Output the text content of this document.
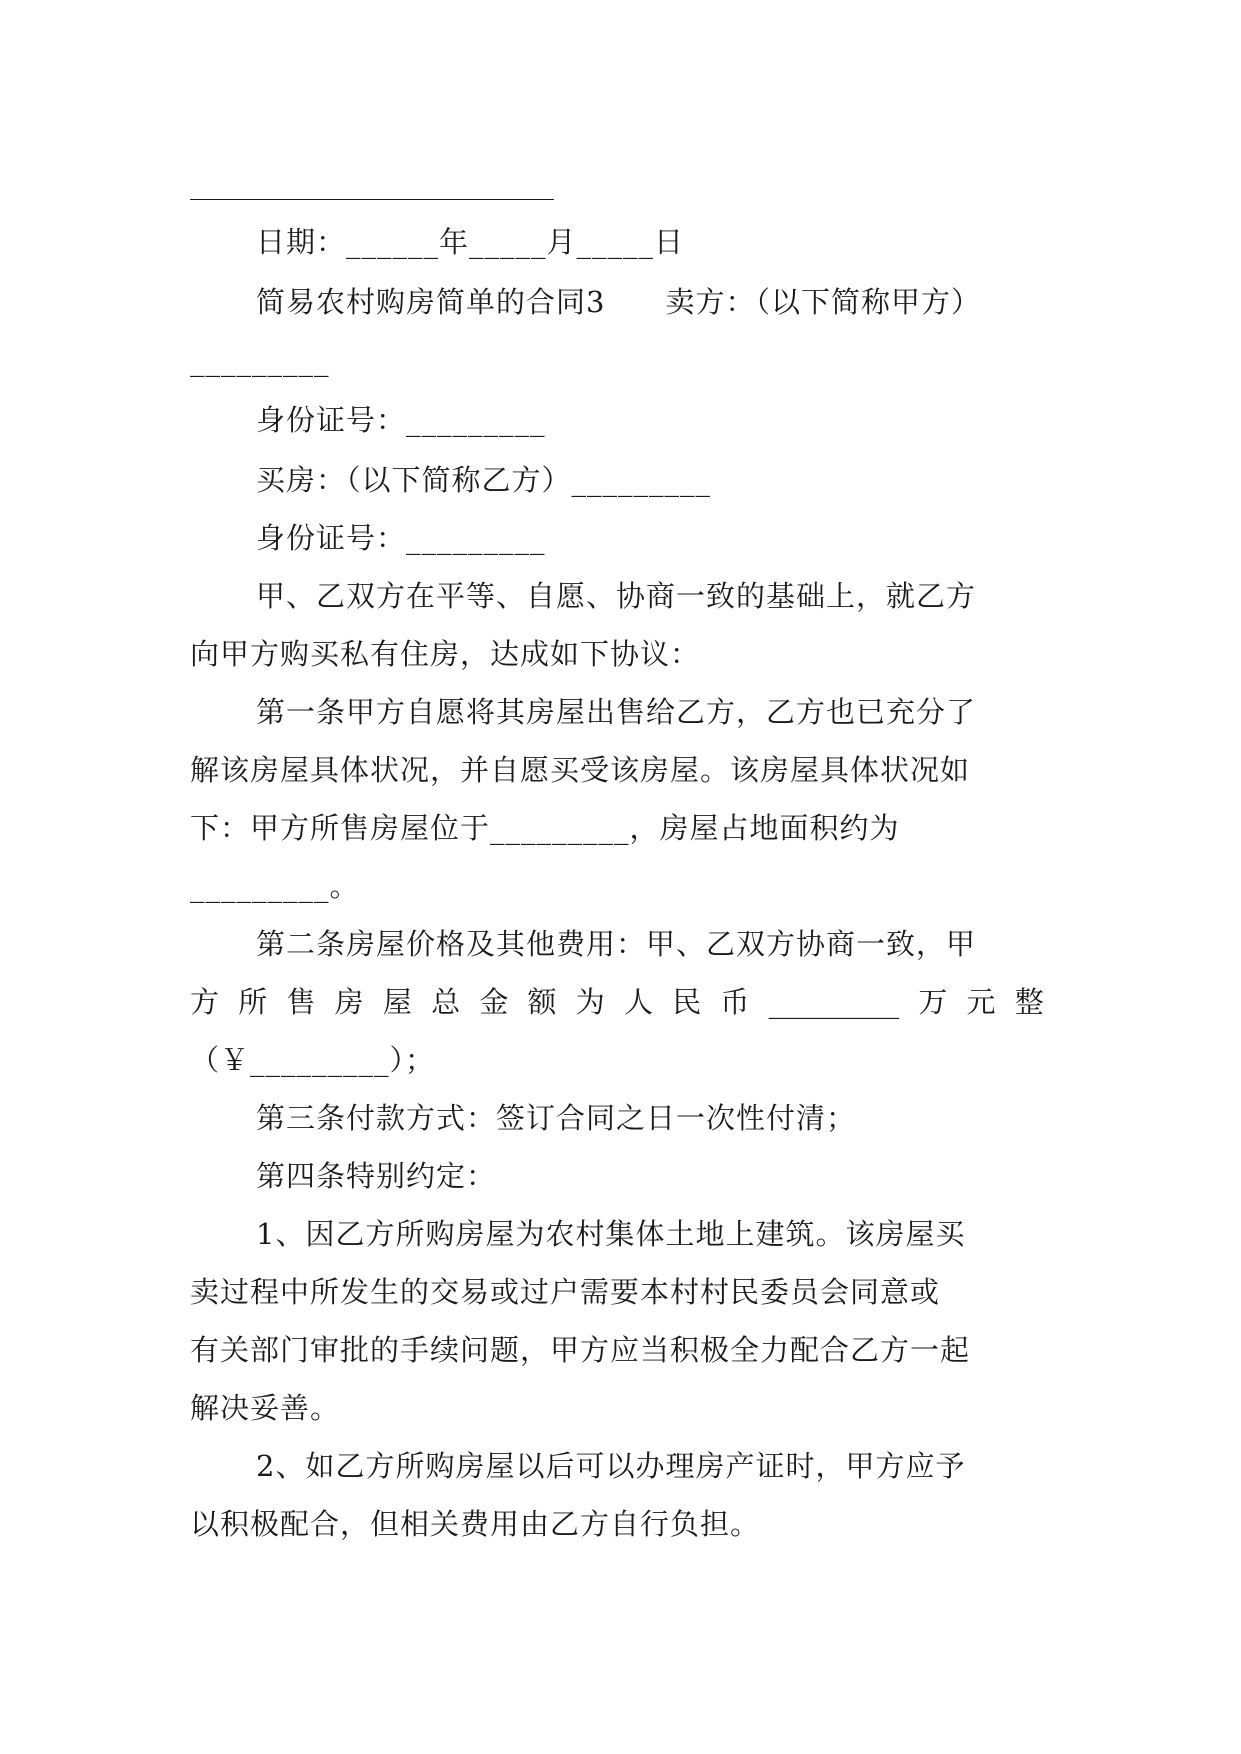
日期：______年_____月_____日
简易农村购房简单的合同3　　卖方：（以下简称甲方）
_________
身份证号：_________
买房：（以下简称乙方）_________
身份证号：_________
甲、乙双方在平等、自愿、协商一致的基础上，就乙方
向甲方购买私有住房，达成如下协议：
第一条甲方自愿将其房屋出售给乙方，乙方也已充分了
解该房屋具体状况，并自愿买受该房屋。该房屋具体状况如
下：甲方所售房屋位于_________，房屋占地面积约为
_________。
第二条房屋价格及其他费用：甲、乙双方协商一致，甲
方 所 售 房 屋 总 金 额 为 人 民 币 _________ 万 元 整
（￥_________）；
第三条付款方式：签订合同之日一次性付清；
第四条特别约定：
1、因乙方所购房屋为农村集体土地上建筑。该房屋买
卖过程中所发生的交易或过户需要本村村民委员会同意或
有关部门审批的手续问题，甲方应当积极全力配合乙方一起
解决妥善。
2、如乙方所购房屋以后可以办理房产证时，甲方应予
以积极配合，但相关费用由乙方自行负担。
